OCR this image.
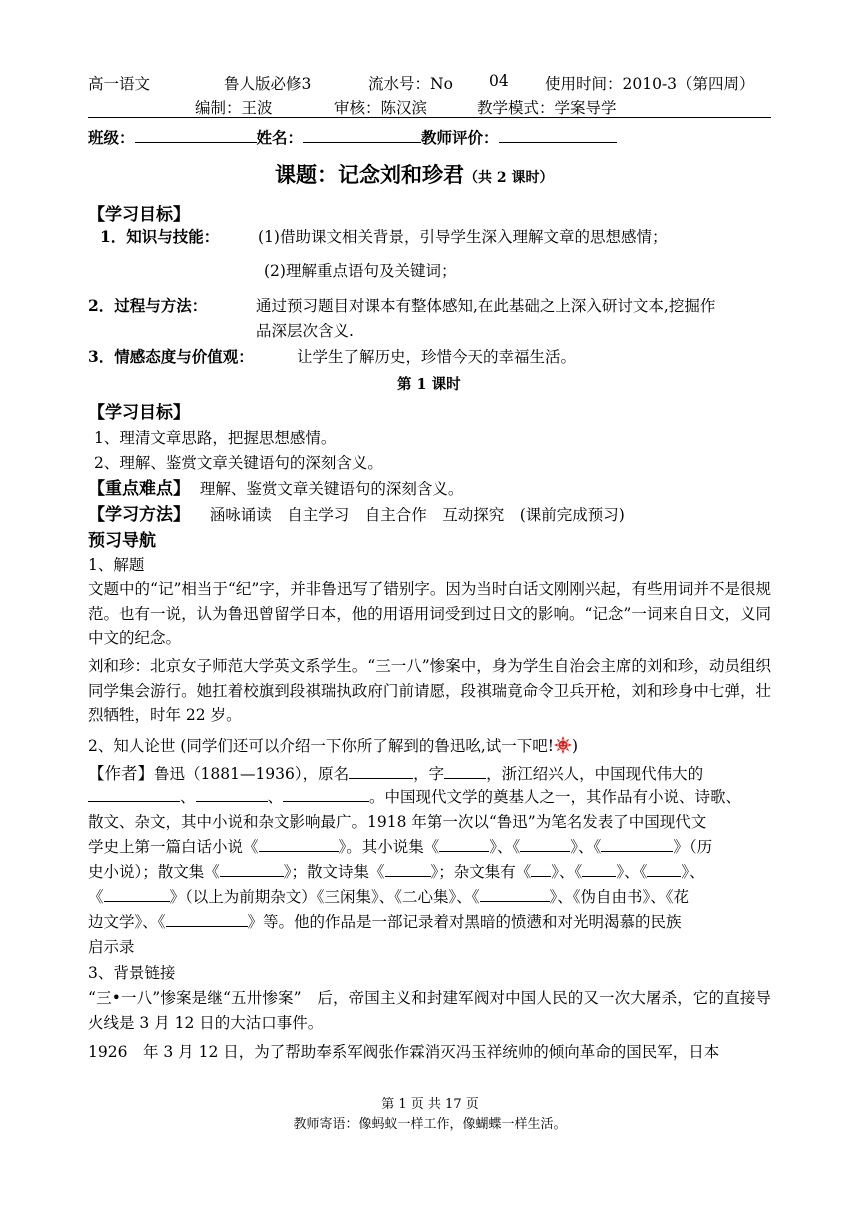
高一语文	鲁人版必修3	流水号：No 04 使用时间：2010-3（第四周）
编制：王波	审核：陈汉滨	教学模式：学案导学
班级：	姓名：	教师评价：
课题：记念刘和珍君（共 2 课时）
【学习目标】
1．知识与技能： (1)借助课文相关背景，引导学生深入理解文章的思想感情；
(2)理解重点语句及关键词；
2．过程与方法：	通过预习题目对课本有整体感知,在此基础之上深入研讨文本,挖掘作
品深层次含义.
3．情感态度与价值观：	让学生了解历史，珍惜今天的幸福生活。
第 1 课时
【学习目标】
1、理清文章思路，把握思想感情。
2、理解、鉴赏文章关键语句的深刻含义。
【重点难点】 理解、鉴赏文章关键语句的深刻含义。
【学习方法】 涵咏诵读　自主学习　自主合作　互动探究　(课前完成预习)
预习导航
1、解题
文题中的“记”相当于“纪”字，并非鲁迅写了错别字。因为当时白话文刚刚兴起，有些用词并不是很规范。也有一说，认为鲁迅曾留学日本，他的用语用词受到过日文的影响。“记念”一词来自日文，义同中文的纪念。
刘和珍：北京女子师范大学英文系学生。“三一八”惨案中，身为学生自治会主席的刘和珍，动员组织同学集会游行。她扛着校旗到段祺瑞执政府门前请愿，段祺瑞竟命令卫兵开枪，刘和珍身中七弹，壮烈牺牲，时年 22 岁。
2、知人论世 (同学们还可以介绍一下你所了解到的鲁迅吆,试一下吧! )
【作者】鲁迅（1881—1936），原名	，字	，浙江绍兴人，中国现代伟大的
、	、	。中国现代文学的奠基人之一，其作品有小说、诗歌、
散文、杂文，其中小说和杂文影响最广。1918 年第一次以“鲁迅”为笔名发表了中国现代文
学史上第一篇白话小说《	》。其小说集《	》、《	》、《	》（历
史小说）；散文集《	》；散文诗集《	》；杂文集有《 》、《 》、《 》、
《	》（以上为前期杂文）《三闲集》、《二心集》、《	》、《伪自由书》、《花
边文学》、《	》等。他的作品是一部记录着对黑暗的愤懑和对光明渴慕的民族
启示录
3、背景链接
“三•一八”惨案是继“五卅惨案”　后，帝国主义和封建军阀对中国人民的又一次大屠杀，它的直接导火线是 3 月 12 日的大沽口事件。
1926　年 3 月 12 日，为了帮助奉系军阀张作霖消灭冯玉祥统帅的倾向革命的国民军，日本
第 1 页 共 17 页
教师寄语：像蚂蚁一样工作，像蝴蝶一样生活。
